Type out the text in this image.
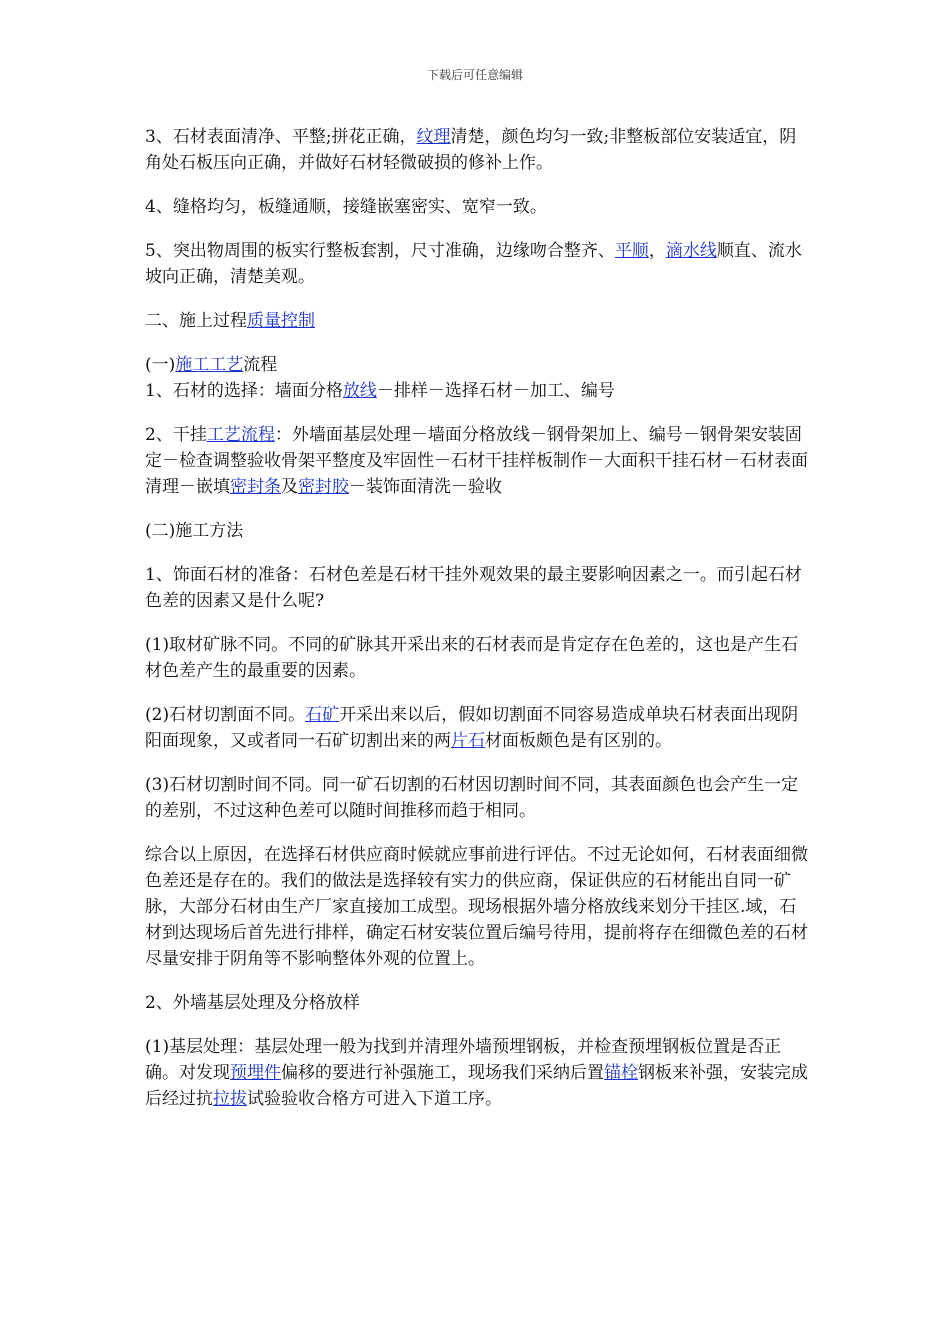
下载后可任意编辑

3、石材表面清净、平整;拼花正确，纹理清楚，颜色均匀一致;非整板部位安装适宜，阴角处石板压向正确，并做好石材轻微破损的修补上作。

4、缝格均匀，板缝通顺，接缝嵌塞密实、宽窄一致。

5、突出物周围的板实行整板套割，尺寸准确，边缘吻合整齐、平顺，滴水线顺直、流水坡向正确，清楚美观。

二、施上过程质量控制

(一)施工工艺流程

1、石材的选择：墙面分格放线－排样－选择石材－加工、编号

2、干挂工艺流程：外墙面基层处理－墙面分格放线－钢骨架加上、编号－钢骨架安装固定－检查调整验收骨架平整度及牢固性－石材干挂样板制作－大面积干挂石材－石材表面清理－嵌填密封条及密封胶－装饰面清洗－验收

(二)施工方法

1、饰面石材的准备：石材色差是石材干挂外观效果的最主要影响因素之一。而引起石材色差的因素又是什么呢?

(1)取材矿脉不同。不同的矿脉其开采出来的石材表而是肯定存在色差的，这也是产生石材色差产生的最重要的因素。

(2)石材切割面不同。石矿开采出来以后，假如切割面不同容易造成单块石材表面出现阴阳面现象，又或者同一石矿切割出来的两片石材面板颇色是有区别的。

(3)石材切割时间不同。同一矿石切割的石材因切割时间不同，其表面颜色也会产生一定的差别，不过这种色差可以随时间推移而趋于相同。

综合以上原因，在选择石材供应商时候就应事前进行评估。不过无论如何，石材表面细微色差还是存在的。我们的做法是选择较有实力的供应商，保证供应的石材能出自同一矿脉，大部分石材由生产厂家直接加工成型。现场根据外墙分格放线来划分干挂区.域，石材到达现场后首先进行排样，确定石材安装位置后编号待用，提前将存在细微色差的石材尽量安排于阴角等不影响整体外观的位置上。

2、外墙基层处理及分格放样

(1)基层处理：基层处理一般为找到并清理外墙预埋钢板，并检查预埋钢板位置是否正确。对发现预埋件偏移的要进行补强施工，现场我们采纳后置锚栓钢板来补强，安装完成后经过抗拉拔试验验收合格方可进入下道工序。
